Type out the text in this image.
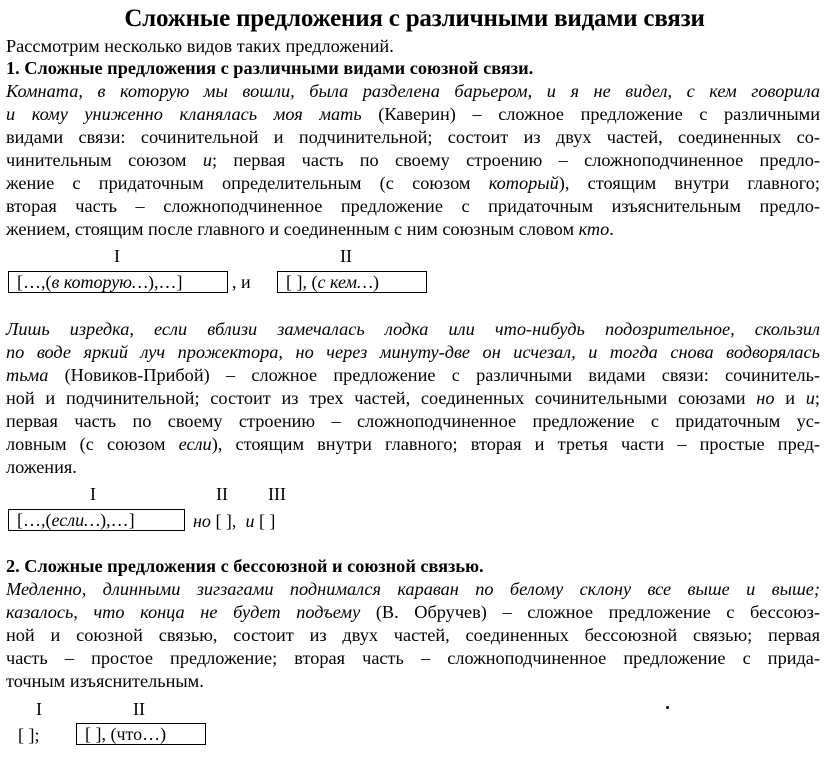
Сложные предложения с различными видами связи
Рассмотрим несколько видов таких предложений.
1. Сложные предложения с различными видами союзной связи.
Комната, в которую мы вошли, была разделена барьером, и я не видел, с кем говорила
и кому униженно кланялась моя мать (Каверин) – сложное предложение с различными
видами связи: сочинительной и подчинительной; состоит из двух частей, соединенных со-
чинительным союзом и; первая часть по своему строению – сложноподчиненное предло-
жение с придаточным определительным (с союзом который), стоящим внутри главного;
вторая часть – сложноподчиненное предложение с придаточным изъяснительным предло-
жением, стоящим после главного и соединенным с ним союзным словом кто.
I	II
[…,(в которую…),…]	, и	[ ], (с кем…)
Лишь изредка, если вблизи замечалась лодка или что-нибудь подозрительное, скользил
по воде яркий луч прожектора, но через минуту-две он исчезал, и тогда снова водворялась
тьма (Новиков-Прибой) – сложное предложение с различными видами связи: сочинитель-
ной и подчинительной; состоит из трех частей, соединенных сочинительными союзами но и и;
первая часть по своему строению – сложноподчиненное предложение с придаточным ус-
ловным (с союзом если), стоящим внутри главного; вторая и третья части – простые пред-
ложения.
I	II III
[…,(если…),…]	но [ ], и [ ]
2. Сложные предложения с бессоюзной и союзной связью.
Медленно, длинными зигзагами поднимался караван по белому склону все выше и выше;
казалось, что конца не будет подъему (В. Обручев) – сложное предложение с бессоюз-
ной и союзной связью, состоит из двух частей, соединенных бессоюзной связью; первая
часть – простое предложение; вторая часть – сложноподчиненное предложение с прида-
точным изъяснительным.
I	II
[ ];	[ ], (что…)
